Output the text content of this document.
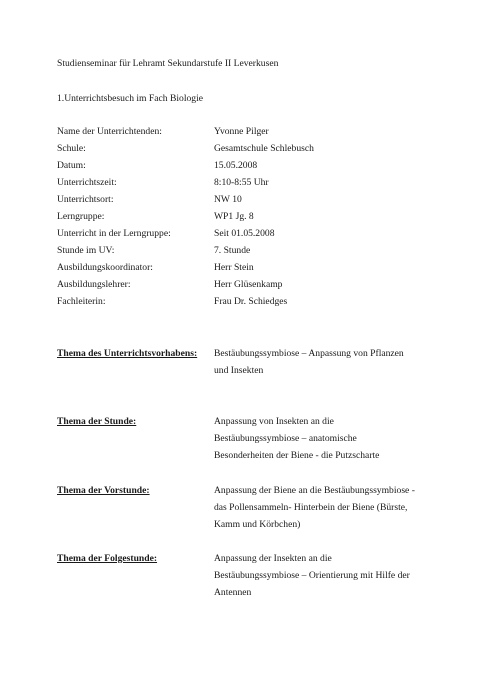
Studienseminar für Lehramt Sekundarstufe II Leverkusen
1.Unterrichtsbesuch im Fach Biologie
Name der Unterrichtenden:	Yvonne Pilger
Schule:	Gesamtschule Schlebusch
Datum:	15.05.2008
Unterrichtszeit:	8:10-8:55 Uhr
Unterrichtsort:	NW 10
Lerngruppe:	WP1 Jg. 8
Unterricht in der Lerngruppe:	Seit 01.05.2008
Stunde im UV:	7. Stunde
Ausbildungskoordinator:	Herr Stein
Ausbildungslehrer:	Herr Glüsenkamp
Fachleiterin:	Frau Dr. Schiedges
Thema des Unterrichtsvorhabens: Bestäubungssymbiose – Anpassung von Pflanzen
und Insekten
Thema der Stunde:	Anpassung von Insekten an die
Bestäubungssymbiose – anatomische
Besonderheiten der Biene - die Putzscharte
Thema der Vorstunde:	Anpassung der Biene an die Bestäubungssymbiose -
das Pollensammeln- Hinterbein der Biene (Bürste,
Kamm und Körbchen)
Thema der Folgestunde:	Anpassung der Insekten an die
Bestäubungssymbiose – Orientierung mit Hilfe der
Antennen
